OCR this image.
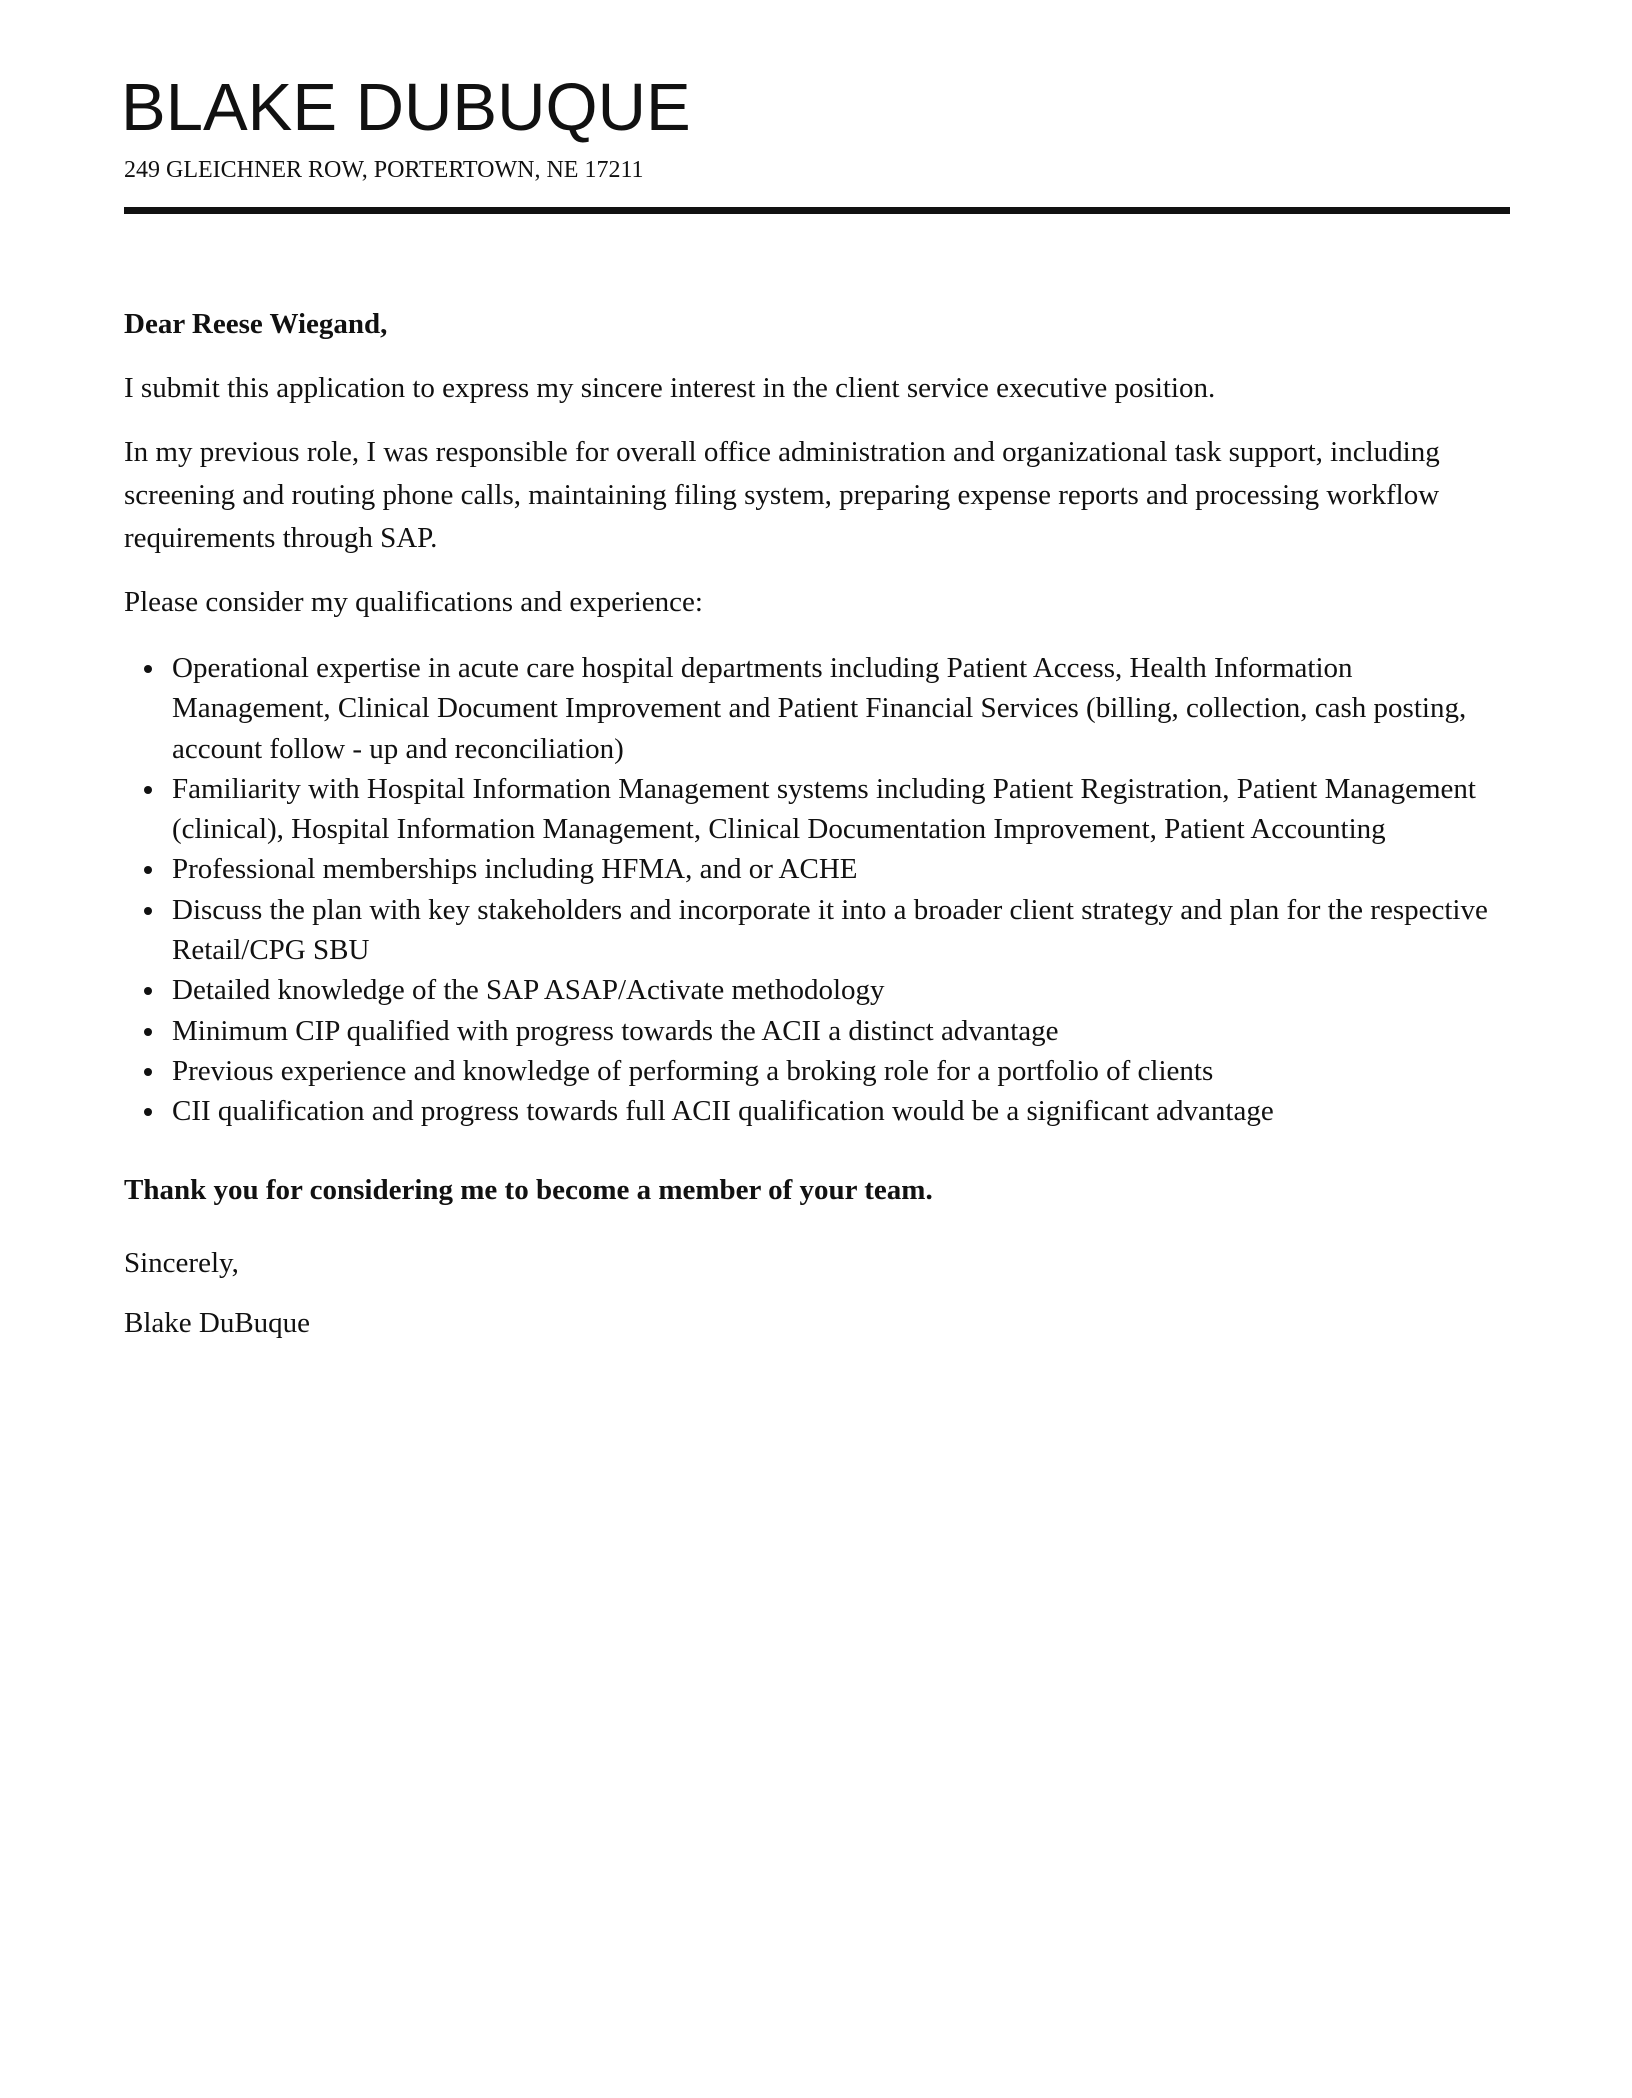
BLAKE DUBUQUE
249 GLEICHNER ROW, PORTERTOWN, NE 17211

Dear Reese Wiegand,

I submit this application to express my sincere interest in the client service executive position.

In my previous role, I was responsible for overall office administration and organizational task support, including screening and routing phone calls, maintaining filing system, preparing expense reports and processing workflow requirements through SAP.

Please consider my qualifications and experience:

Operational expertise in acute care hospital departments including Patient Access, Health Information Management, Clinical Document Improvement and Patient Financial Services (billing, collection, cash posting, account follow - up and reconciliation)
Familiarity with Hospital Information Management systems including Patient Registration, Patient Management (clinical), Hospital Information Management, Clinical Documentation Improvement, Patient Accounting
Professional memberships including HFMA, and or ACHE
Discuss the plan with key stakeholders and incorporate it into a broader client strategy and plan for the respective Retail/CPG SBU
Detailed knowledge of the SAP ASAP/Activate methodology
Minimum CIP qualified with progress towards the ACII a distinct advantage
Previous experience and knowledge of performing a broking role for a portfolio of clients
CII qualification and progress towards full ACII qualification would be a significant advantage

Thank you for considering me to become a member of your team.

Sincerely,
Blake DuBuque
